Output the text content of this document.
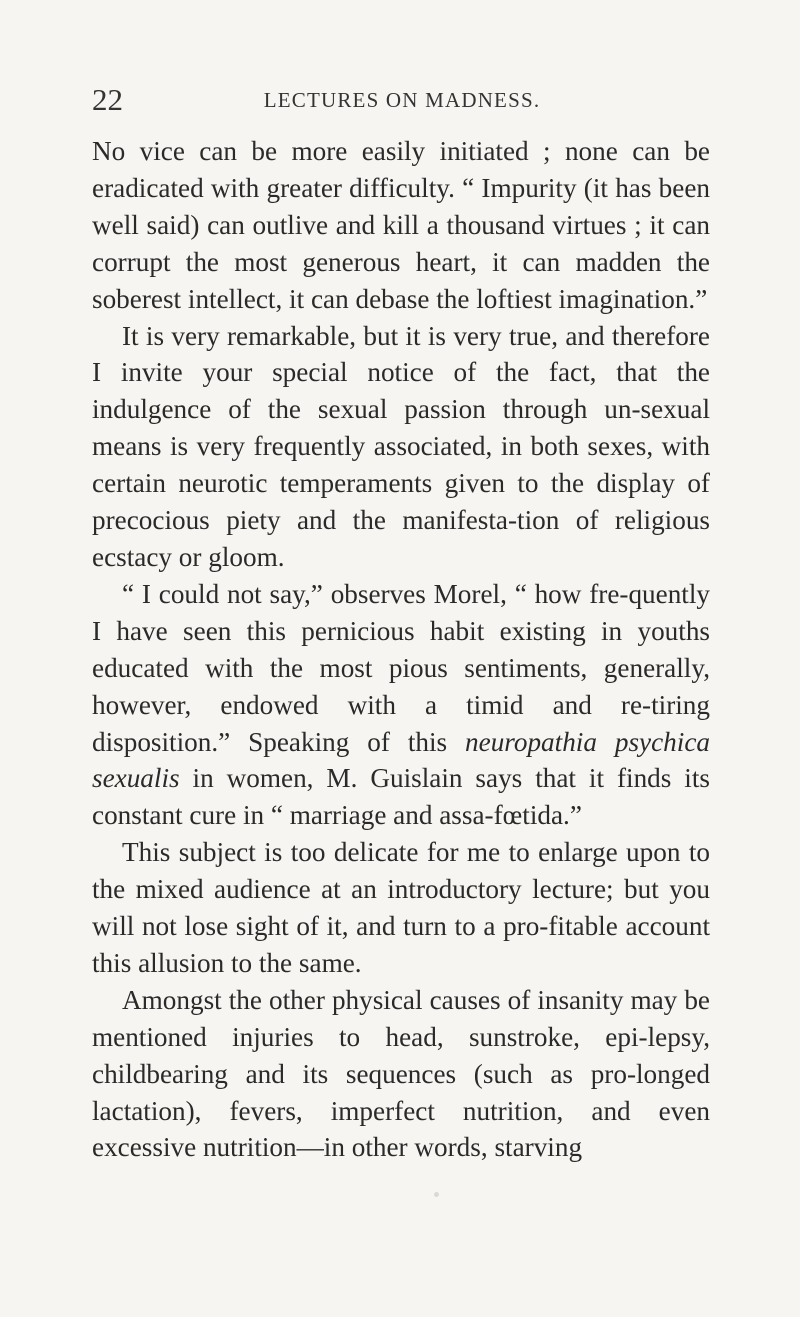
22	LECTURES ON MADNESS.

No vice can be more easily initiated ; none can be eradicated with greater difficulty. “ Impurity (it has been well said) can outlive and kill a thousand virtues ; it can corrupt the most generous heart, it can madden the soberest intellect, it can debase the loftiest imagination.”

It is very remarkable, but it is very true, and therefore I invite your special notice of the fact, that the indulgence of the sexual passion through un-sexual means is very frequently associated, in both sexes, with certain neurotic temperaments given to the display of precocious piety and the manifesta-tion of religious ecstacy or gloom.

“ I could not say,” observes Morel, “ how fre-quently I have seen this pernicious habit existing in youths educated with the most pious sentiments, generally, however, endowed with a timid and re-tiring disposition.” Speaking of this neuropathia psychica sexualis in women, M. Guislain says that it finds its constant cure in “ marriage and assa-fœtida.”

This subject is too delicate for me to enlarge upon to the mixed audience at an introductory lecture; but you will not lose sight of it, and turn to a pro-fitable account this allusion to the same.

Amongst the other physical causes of insanity may be mentioned injuries to head, sunstroke, epi-lepsy, childbearing and its sequences (such as pro-longed lactation), fevers, imperfect nutrition, and even excessive nutrition—in other words, starving
